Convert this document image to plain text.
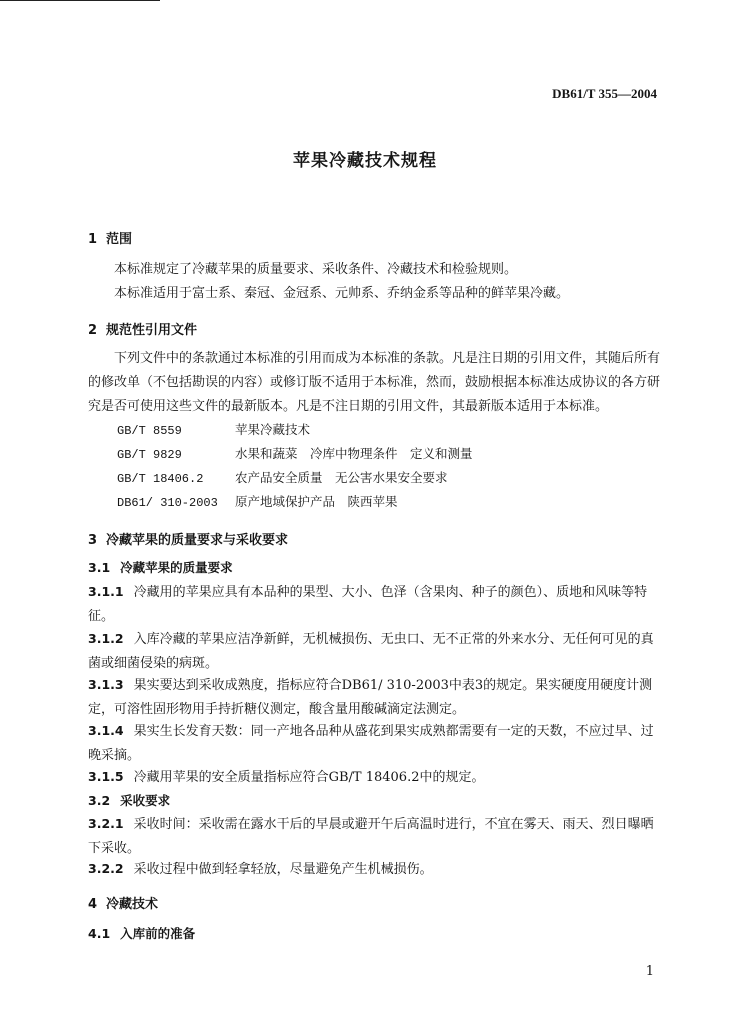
DB61/T 355—2004
苹果冷藏技术规程
1 范围
本标准规定了冷藏苹果的质量要求、采收条件、冷藏技术和检验规则。
本标准适用于富士系、秦冠、金冠系、元帅系、乔纳金系等品种的鲜苹果冷藏。
2 规范性引用文件
下列文件中的条款通过本标准的引用而成为本标准的条款。凡是注日期的引用文件，其随后所有的修改单（不包括勘误的内容）或修订版不适用于本标准，然而，鼓励根据本标准达成协议的各方研究是否可使用这些文件的最新版本。凡是不注日期的引用文件，其最新版本适用于本标准。
GB/T 8559	苹果冷藏技术
GB/T 9829	水果和蔬菜　冷库中物理条件　定义和测量
GB/T 18406.2	农产品安全质量　无公害水果安全要求
DB61/ 310-2003 原产地域保护产品　陕西苹果
3 冷藏苹果的质量要求与采收要求
3.1 冷藏苹果的质量要求
3.1.1 冷藏用的苹果应具有本品种的果型、大小、色泽（含果肉、种子的颜色）、质地和风味等特征。
3.1.2 入库冷藏的苹果应洁净新鲜，无机械损伤、无虫口、无不正常的外来水分、无任何可见的真菌或细菌侵染的病斑。
3.1.3 果实要达到采收成熟度，指标应符合DB61/ 310-2003中表3的规定。果实硬度用硬度计测定，可溶性固形物用手持折糖仪测定，酸含量用酸碱滴定法测定。
3.1.4 果实生长发育天数：同一产地各品种从盛花到果实成熟都需要有一定的天数，不应过早、过晚采摘。
3.1.5 冷藏用苹果的安全质量指标应符合GB/T 18406.2中的规定。
3.2 采收要求
3.2.1 采收时间：采收需在露水干后的早晨或避开午后高温时进行，不宜在雾天、雨天、烈日曝晒下采收。
3.2.2 采收过程中做到轻拿轻放，尽量避免产生机械损伤。
4 冷藏技术
4.1 入库前的准备
1
